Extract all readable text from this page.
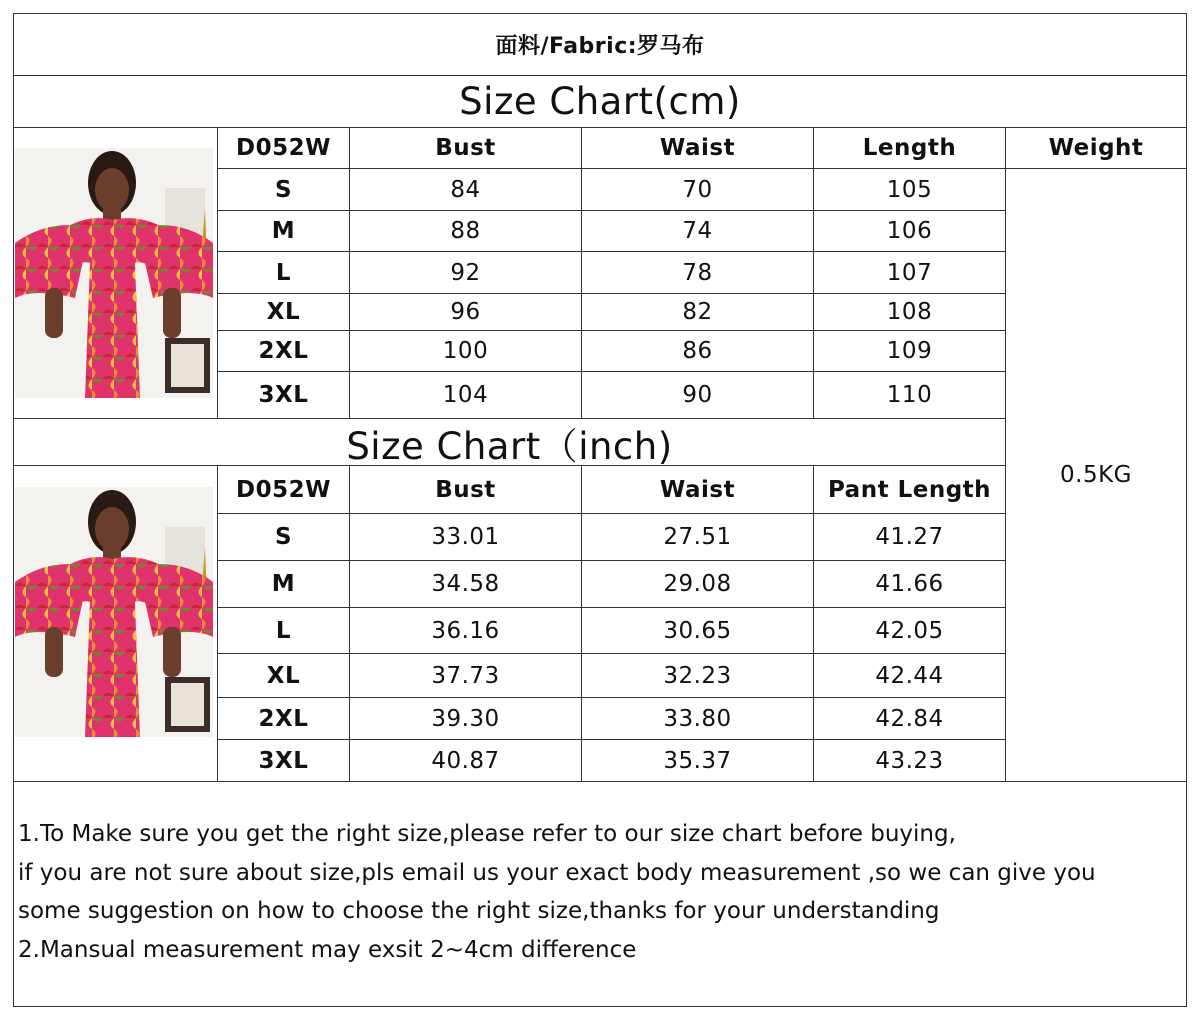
面料/Fabric:罗马布
Size Chart(cm)
D052W	Bust	Waist	Length	Weight
S	84	70	105
M	88	74	106
L	92	78	107
XL	96	82	108
2XL	100	86	109
3XL	104	90	110
Size Chart（inch)
D052W	Bust	Waist	Pant Length
S	33.01	27.51	41.27
M	34.58	29.08	41.66
L	36.16	30.65	42.05
XL	37.73	32.23	42.44
2XL	39.30	33.80	42.84
3XL	40.87	35.37	43.23
0.5KG
1.To Make sure you get the right size,please refer to our size chart before buying,
if you are not sure about size,pls email us your exact body measurement ,so we can give you
some suggestion on how to choose the right size,thanks for your understanding
2.Mansual measurement may exsit 2~4cm difference
